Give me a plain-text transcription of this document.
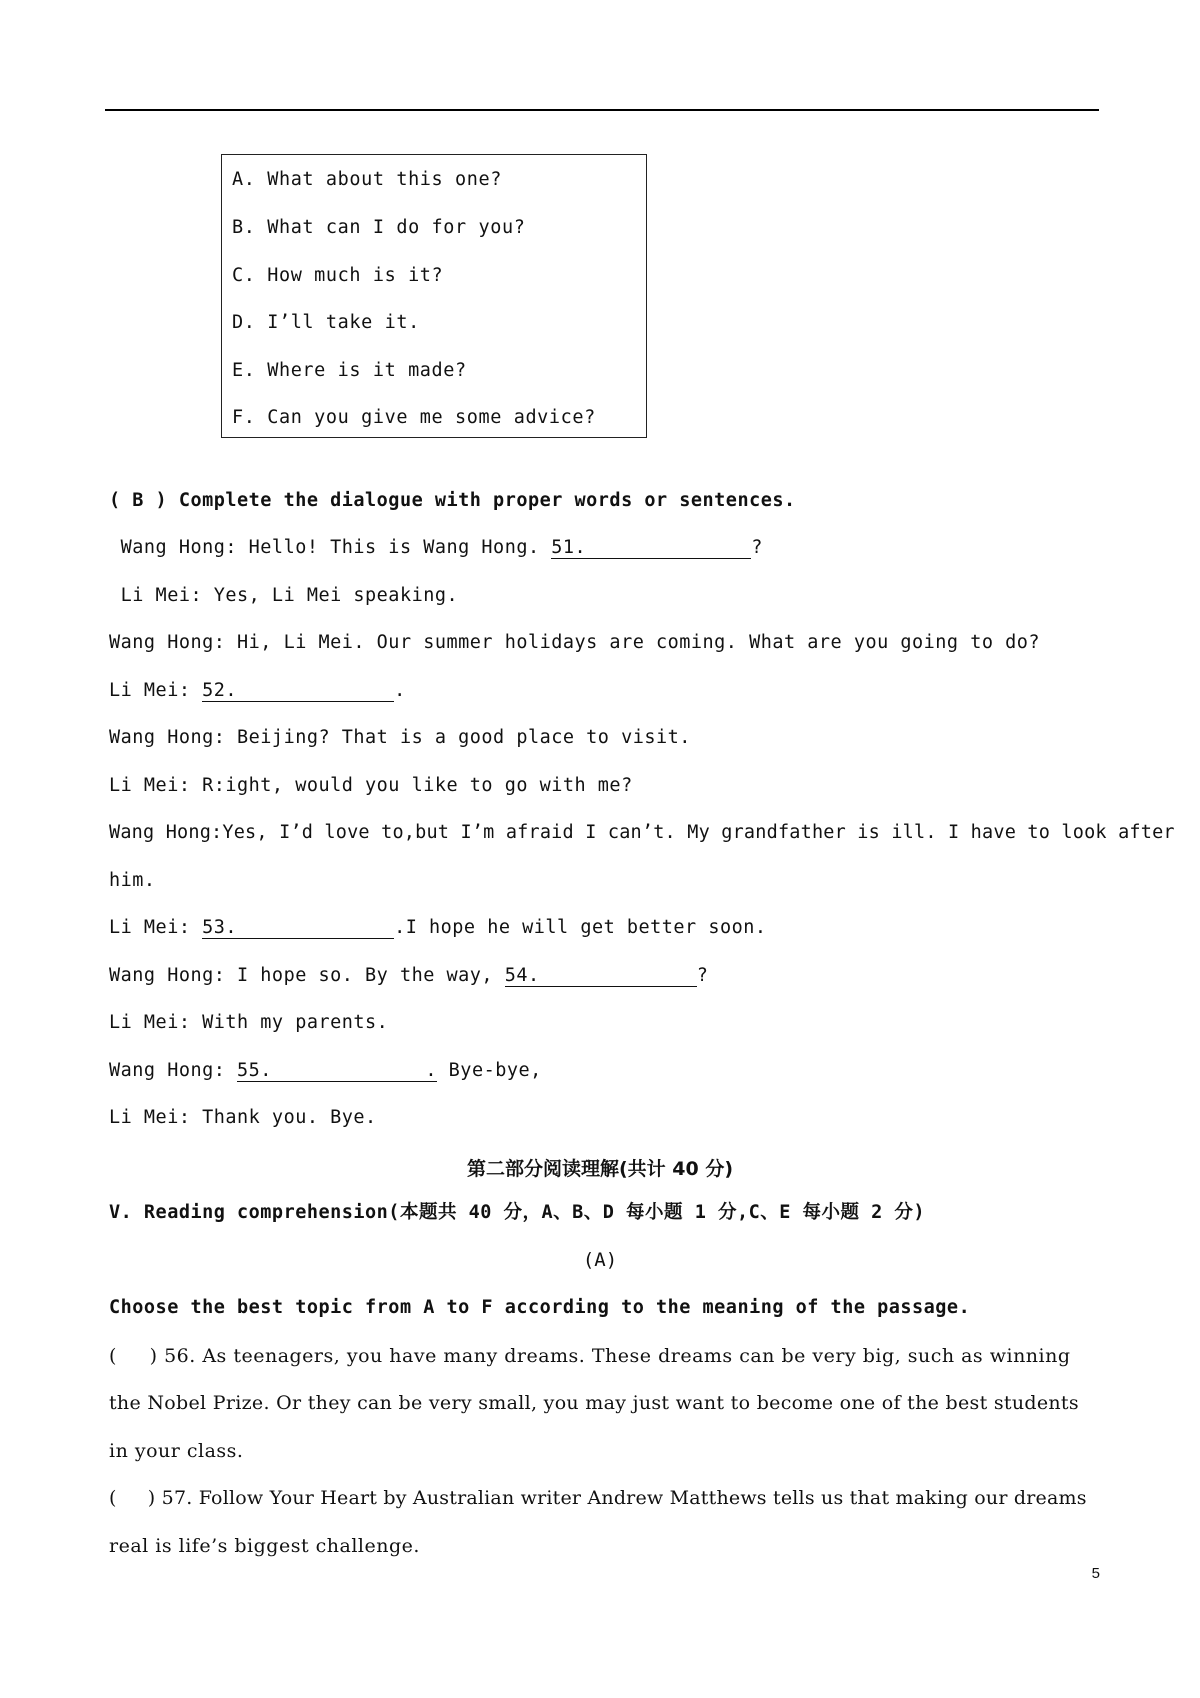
A. What about this one?
B. What can I do for you?
C. How much is it?
D. I’ll take it.
E. Where is it made?
F. Can you give me some advice?
( B ) Complete the dialogue with proper words or sentences.
Wang Hong: Hello! This is Wang Hong. 51.	?
Li Mei: Yes, Li Mei speaking.
Wang Hong: Hi, Li Mei. Our summer holidays are coming. What are you going to do?
Li Mei: 52.	.
Wang Hong: Beijing? That is a good place to visit.
Li Mei: R:ight, would you like to go with me?
Wang Hong:Yes, I’d love to,but I’m afraid I can’t. My grandfather is ill. I have to look after
him.
Li Mei: 53.	.I hope he will get better soon.
Wang Hong: I hope so. By the way, 54.	?
Li Mei: With my parents.
Wang Hong: 55.	. Bye-bye,
Li Mei: Thank you. Bye.
第二部分阅读理解(共计 40 分)
V. Reading comprehension(本题共 40 分，A、B、D 每小题 1 分,C、E 每小题 2 分)
(A)
Choose the best topic from A to F according to the meaning of the passage.
(     ) 56. As teenagers, you have many dreams. These dreams can be very big, such as winning
the Nobel Prize. Or they can be very small, you may just want to become one of the best students
in your class.
(     ) 57. Follow Your Heart by Australian writer Andrew Matthews tells us that making our dreams
real is life’s biggest challenge.
5
